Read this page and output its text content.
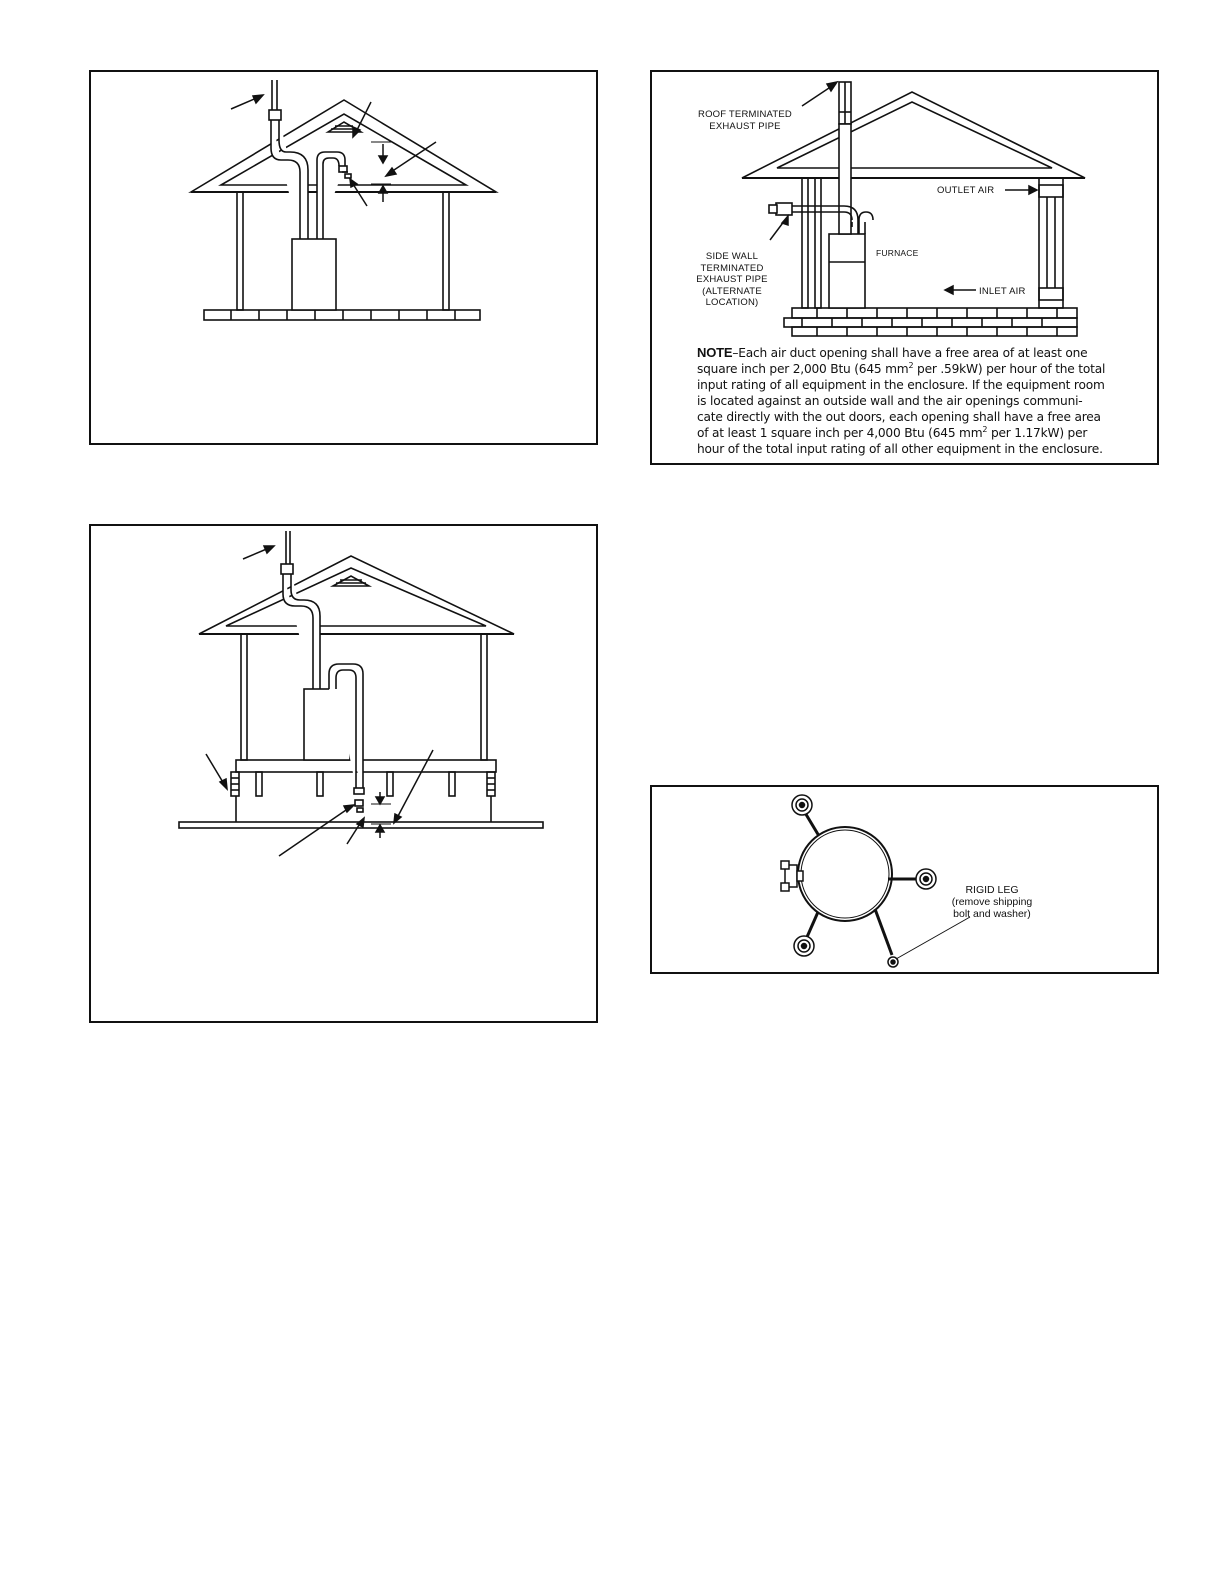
ROOF TERMINATED
EXHAUST PIPE
OUTLET AIR
SIDE WALL
TERMINATED
EXHAUST PIPE
(ALTERNATE
LOCATION)
FURNACE
INLET AIR
NOTE–Each air duct opening shall have a free area of at least one
square inch per 2,000 Btu (645 $mm^2$ per .59kW) per hour of the total
input rating of all equipment in the enclosure. If the equipment room
is located against an outside wall and the air openings communi-
cate directly with the out doors, each opening shall have a free area
of at least 1 square inch per 4,000 Btu (645 $mm^2$ per 1.17kW) per
hour of the total input rating of all other equipment in the enclosure.
RIGID LEG
(remove shipping
bolt and washer)
